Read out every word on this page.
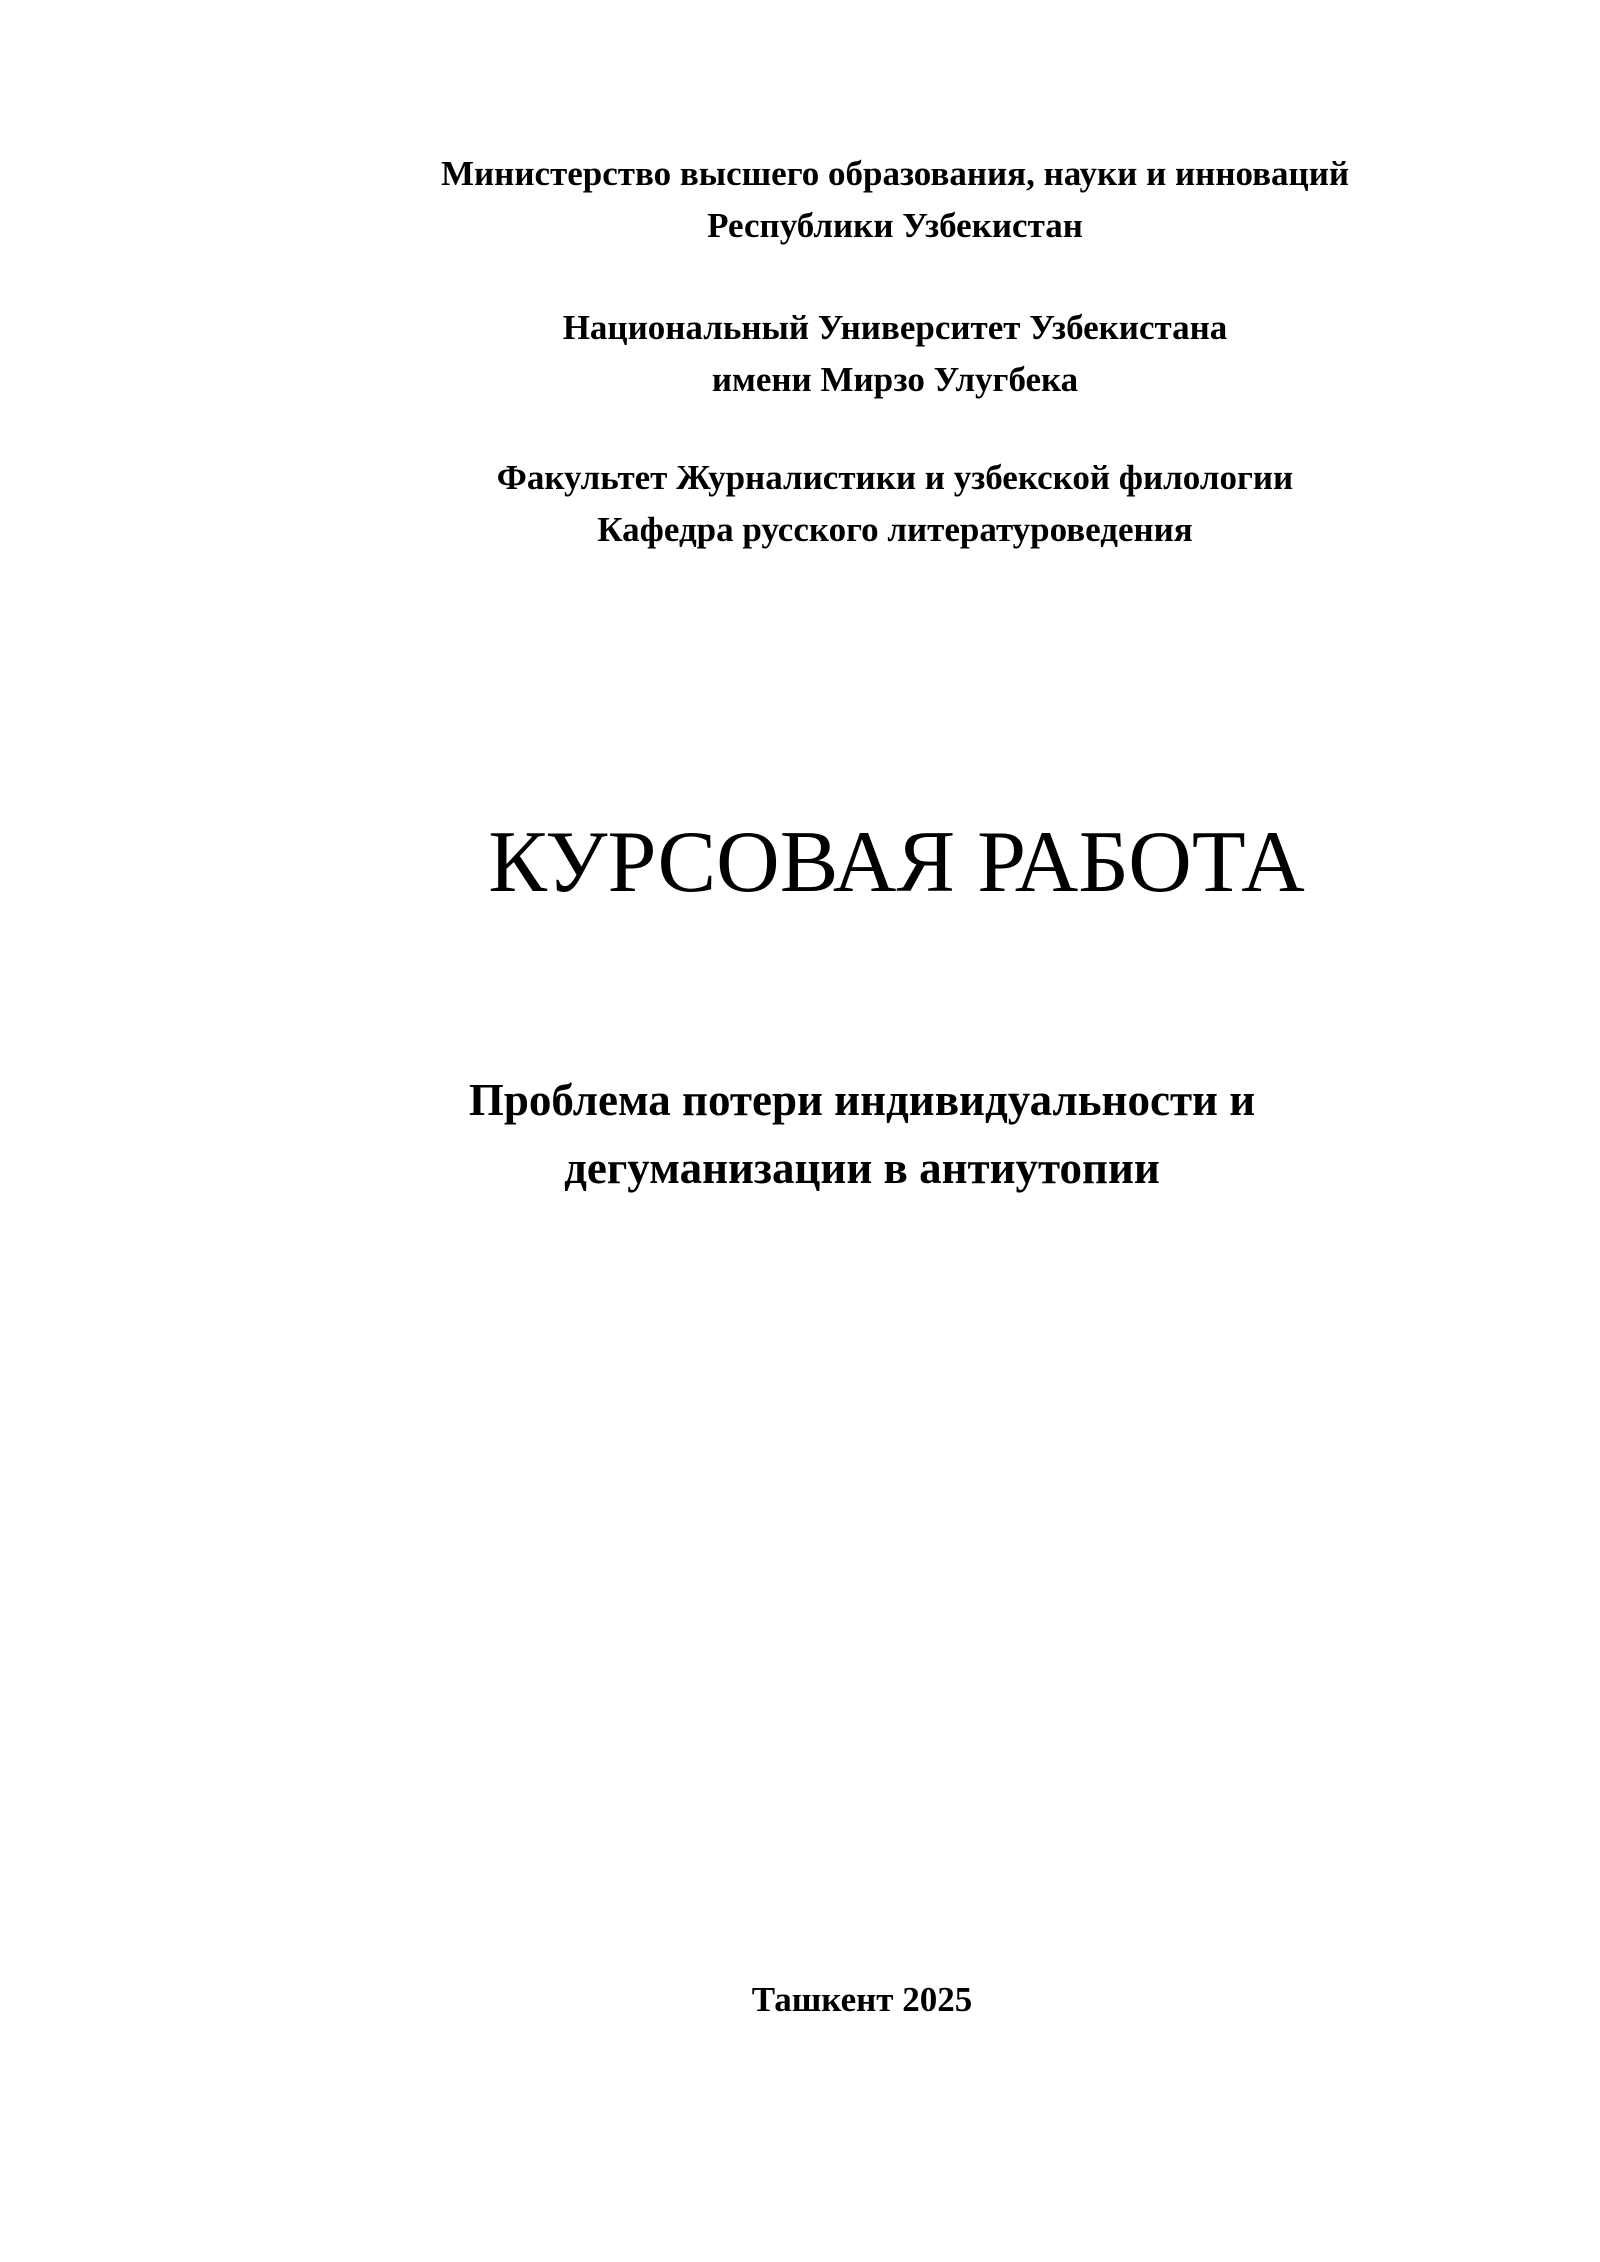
Министерство высшего образования, науки и инноваций
Республики Узбекистан
Национальный Университет Узбекистана
имени Мирзо Улугбека
Факультет Журналистики и узбекской филологии
Кафедра русского литературоведения
КУРСОВАЯ РАБОТА
Проблема потери индивидуальности и
дегуманизации в антиутопии
Ташкент 2025
